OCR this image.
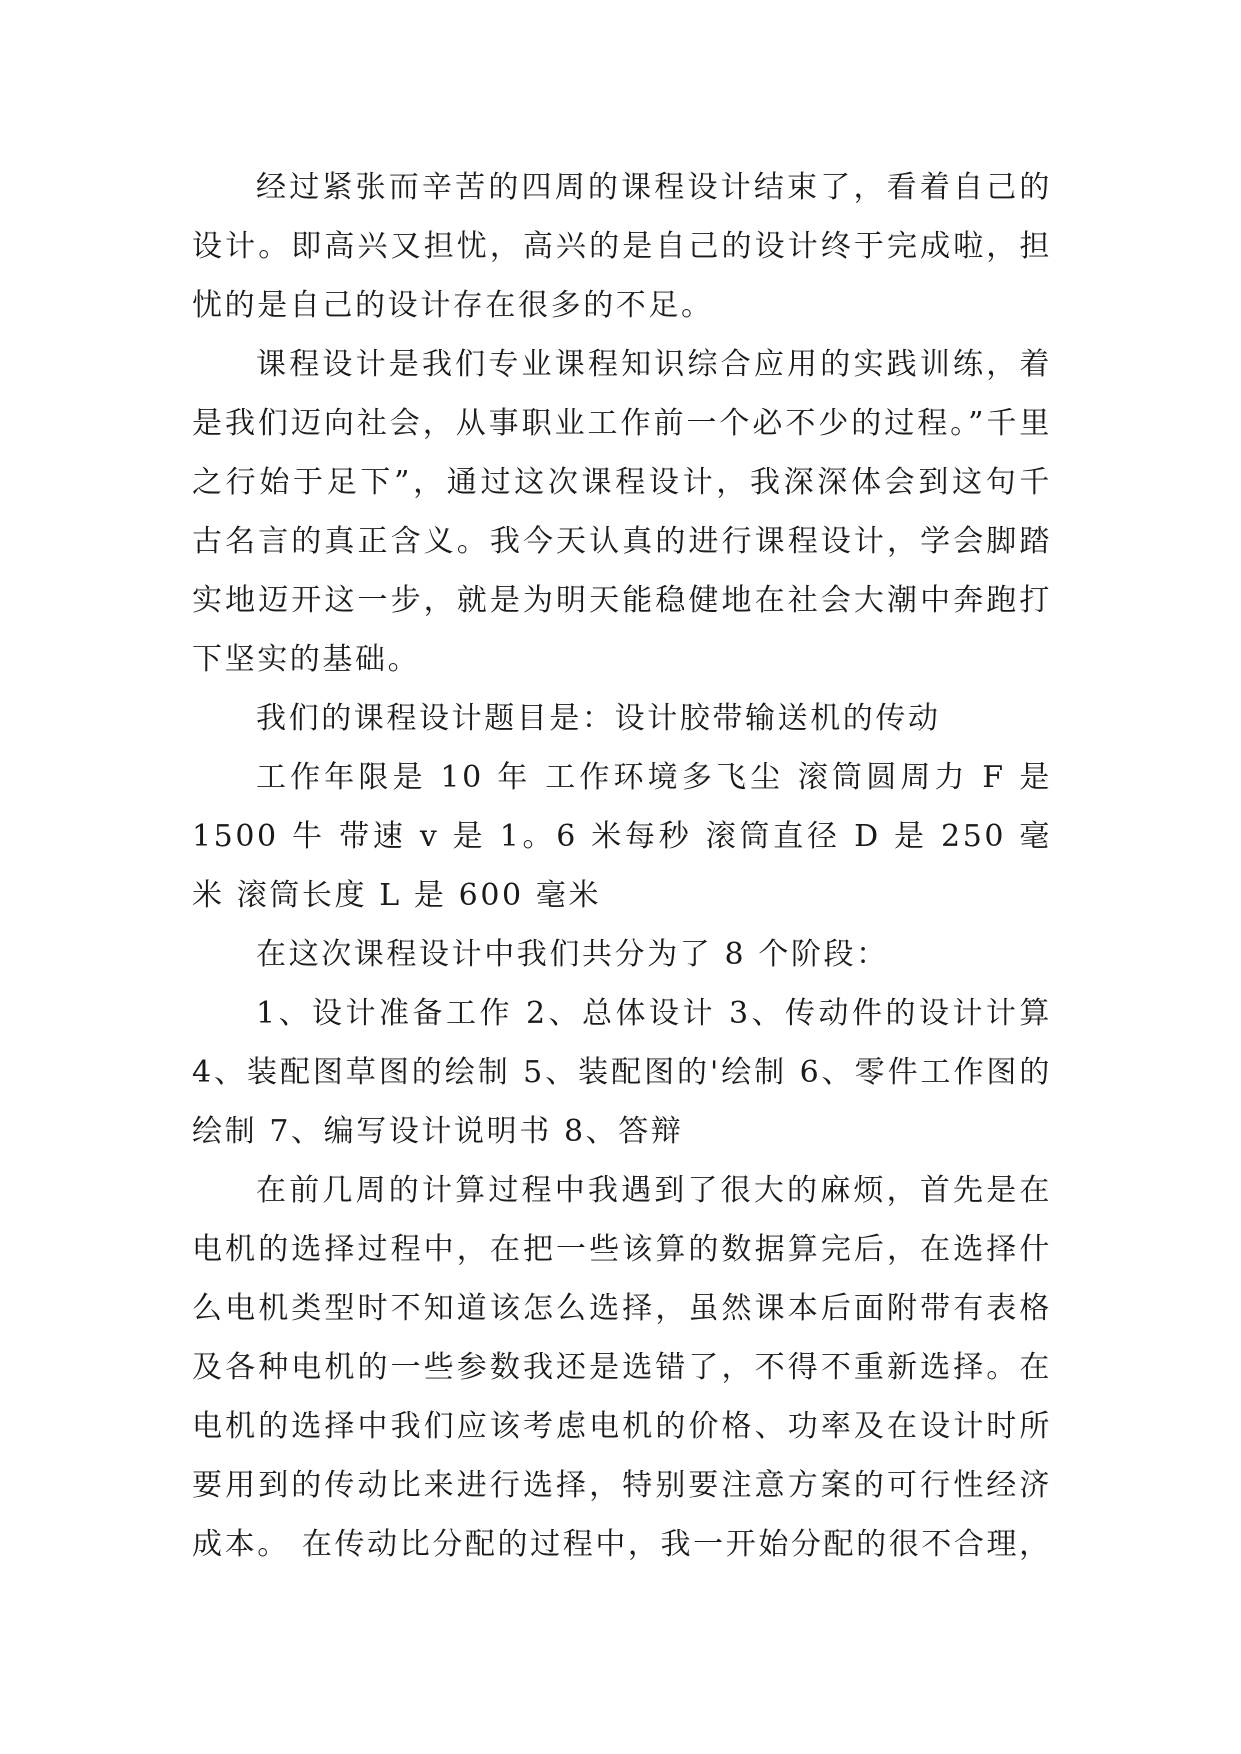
经过紧张而辛苦的四周的课程设计结束了，看着自己的设计。即高兴又担忧，高兴的是自己的设计终于完成啦，担忧的是自己的设计存在很多的不足。

课程设计是我们专业课程知识综合应用的实践训练，着是我们迈向社会，从事职业工作前一个必不少的过程。”千里之行始于足下”，通过这次课程设计，我深深体会到这句千古名言的真正含义。我今天认真的进行课程设计，学会脚踏实地迈开这一步，就是为明天能稳健地在社会大潮中奔跑打下坚实的基础。

我们的课程设计题目是：设计胶带输送机的传动

工作年限是 10 年 工作环境多飞尘 滚筒圆周力 F 是 1500 牛 带速 v 是 1。6 米每秒 滚筒直径 D 是 250 毫米 滚筒长度 L 是 600 毫米

在这次课程设计中我们共分为了 8 个阶段：

1、设计准备工作 2、总体设计 3、传动件的设计计算 4、装配图草图的绘制 5、装配图的'绘制 6、零件工作图的绘制 7、编写设计说明书 8、答辩

在前几周的计算过程中我遇到了很大的麻烦，首先是在电机的选择过程中，在把一些该算的数据算完后，在选择什么电机类型时不知道该怎么选择，虽然课本后面附带有表格及各种电机的一些参数我还是选错了，不得不重新选择。在电机的选择中我们应该考虑电机的价格、功率及在设计时所要用到的传动比来进行选择，特别要注意方案的可行性经济成本。 在传动比分配的过程中，我一开始分配的很不合理，
